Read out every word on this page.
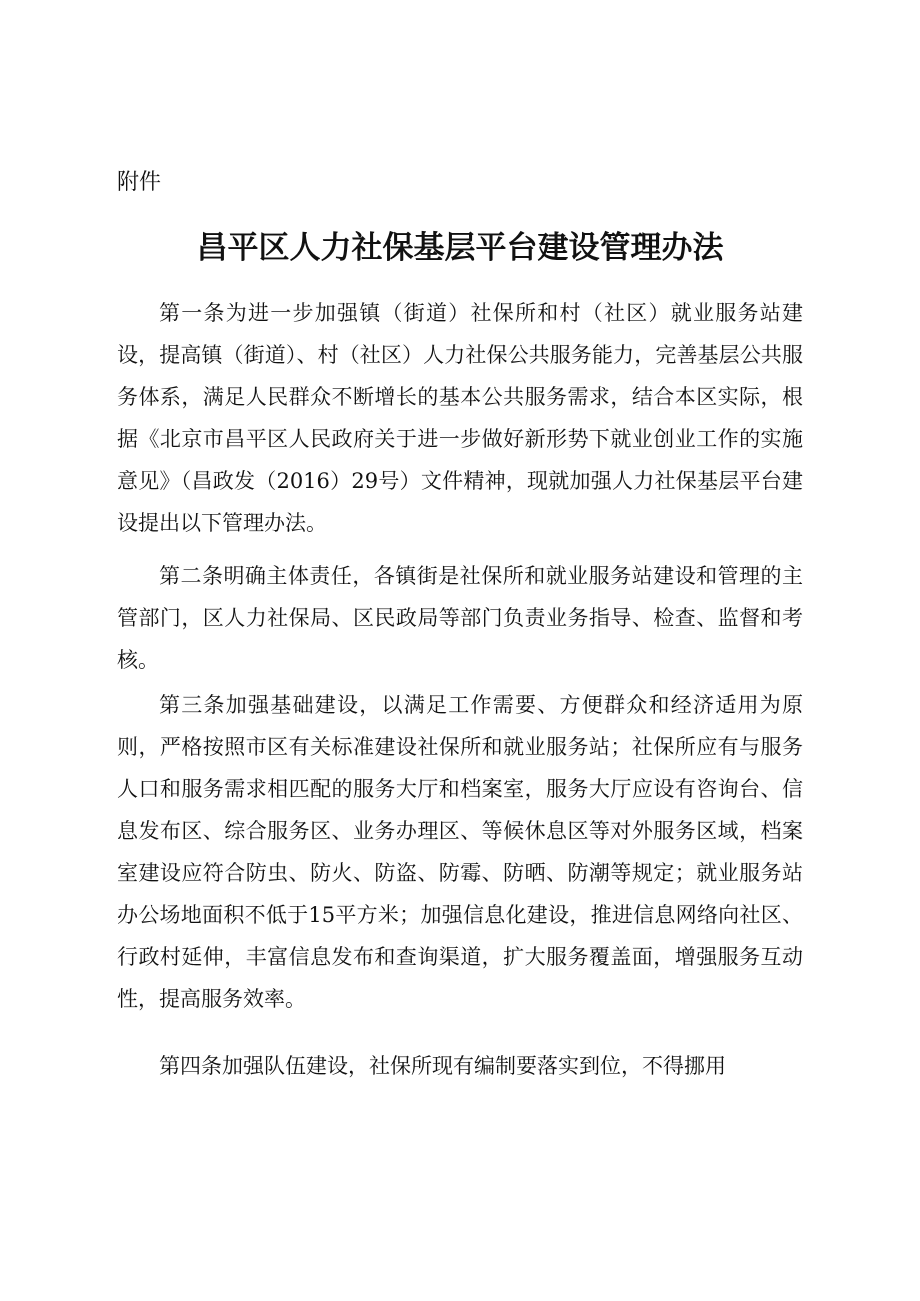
附件
昌平区人力社保基层平台建设管理办法

第一条为进一步加强镇（街道）社保所和村（社区）就业服务站建设，提高镇（街道）、村（社区）人力社保公共服务能力，完善基层公共服务体系，满足人民群众不断增长的基本公共服务需求，结合本区实际，根据《北京市昌平区人民政府关于进一步做好新形势下就业创业工作的实施意见》（昌政发（2016）29号）文件精神，现就加强人力社保基层平台建设提出以下管理办法。

第二条明确主体责任，各镇街是社保所和就业服务站建设和管理的主管部门，区人力社保局、区民政局等部门负责业务指导、检查、监督和考核。

第三条加强基础建设，以满足工作需要、方便群众和经济适用为原则，严格按照市区有关标准建设社保所和就业服务站；社保所应有与服务人口和服务需求相匹配的服务大厅和档案室，服务大厅应设有咨询台、信息发布区、综合服务区、业务办理区、等候休息区等对外服务区域，档案室建设应符合防虫、防火、防盗、防霉、防晒、防潮等规定；就业服务站办公场地面积不低于15平方米；加强信息化建设，推进信息网络向社区、行政村延伸，丰富信息发布和查询渠道，扩大服务覆盖面，增强服务互动性，提高服务效率。

第四条加强队伍建设，社保所现有编制要落实到位，不得挪用
